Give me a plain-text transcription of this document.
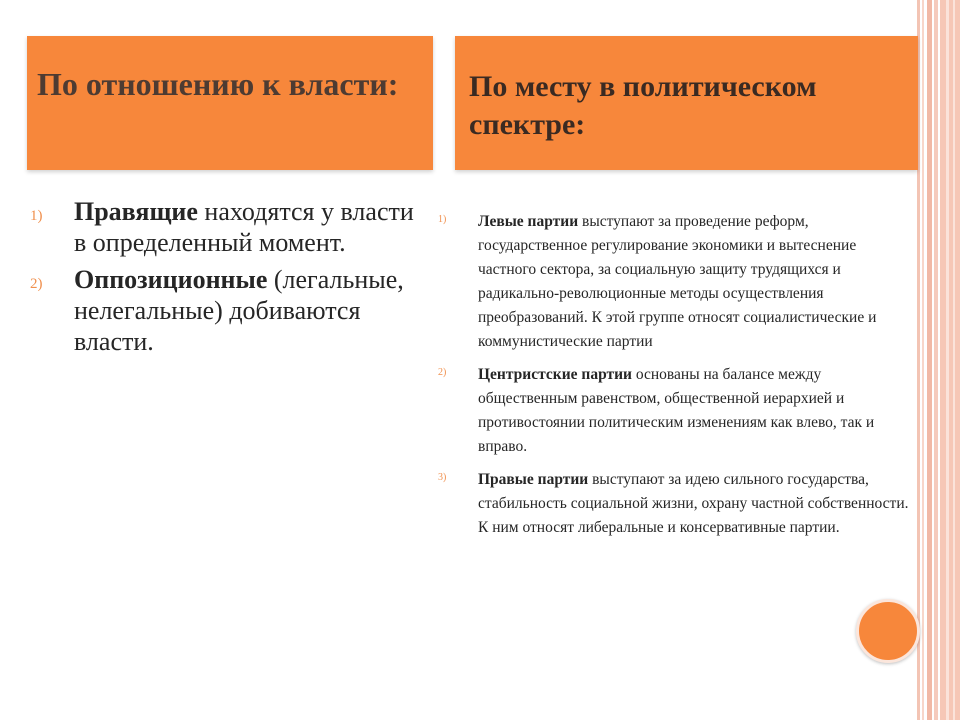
По отношению к власти:	По месту в политическом спектре:

1) Правящие находятся у власти в определенный момент.
2) Оппозиционные (легальные, нелегальные) добиваются власти.
1) Левые партии выступают за проведение реформ, государственное регулирование экономики и вытеснение частного сектора, за социальную защиту трудящихся и радикально-революционные методы осуществления преобразований. К этой группе относят социалистические и коммунистические партии
2) Центристские партии основаны на балансе между общественным равенством, общественной иерархией и противостоянии политическим изменениям как влево, так и вправо.
3) Правые партии выступают за идею сильного государства, стабильность социальной жизни, охрану частной собственности. К ним относят либеральные и консервативные партии.
